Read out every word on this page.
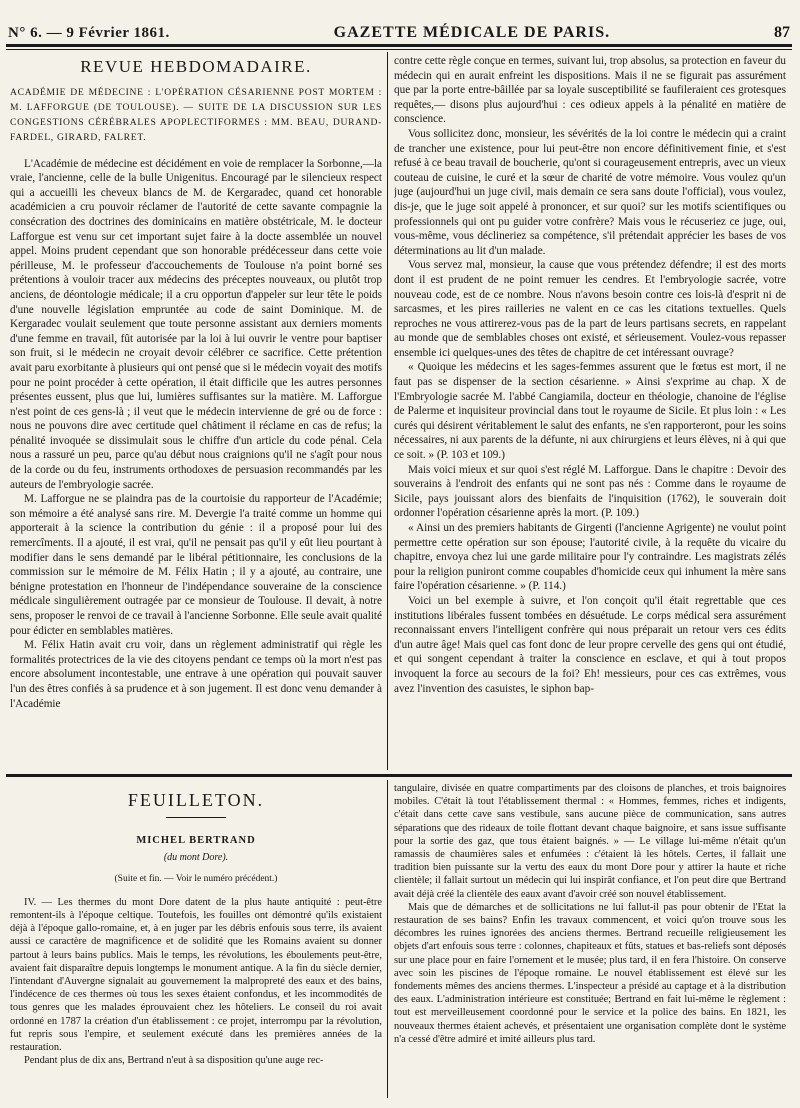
N° 6. — 9 Février 1861.	GAZETTE MÉDICALE DE PARIS.	87
REVUE HEBDOMADAIRE.
ACADÉMIE DE MÉDECINE : L'OPÉRATION CÉSARIENNE POST MORTEM : M. LAFFORGUE (DE TOULOUSE). — SUITE DE LA DISCUSSION SUR LES CONGESTIONS CÉRÉBRALES APOPLECTIFORMES : MM. BEAU, DURAND-FARDEL, GIRARD, FALRET.

L'Académie de médecine est décidément en voie de remplacer la Sorbonne,—la vraie, l'ancienne, celle de la bulle Unigenitus. Encouragé par le silencieux respect qui a accueilli les cheveux blancs de M. de Kergaradec, quand cet honorable académicien a cru pouvoir réclamer de l'autorité de cette savante compagnie la consécration des doctrines des dominicains en matière obstétricale, M. le docteur Lafforgue est venu sur cet important sujet faire à la docte assemblée un nouvel appel. Moins prudent cependant que son honorable prédécesseur dans cette voie périlleuse, M. le professeur d'accouchements de Toulouse n'a point borné ses prétentions à vouloir tracer aux médecins des préceptes nouveaux, ou plutôt trop anciens, de déontologie médicale; il a cru opportun d'appeler sur leur tête le poids d'une nouvelle législation empruntée au code de saint Dominique. M. de Kergaradec voulait seulement que toute personne assistant aux derniers moments d'une femme en travail, fût autorisée par la loi à lui ouvrir le ventre pour baptiser son fruit, si le médecin ne croyait devoir célébrer ce sacrifice. Cette prétention avait paru exorbitante à plusieurs qui ont pensé que si le médecin voyait des motifs pour ne point procéder à cette opération, il était difficile que les autres personnes présentes eussent, plus que lui, lumières suffisantes sur la matière. M. Lafforgue n'est point de ces gens-là ; il veut que le médecin intervienne de gré ou de force : nous ne pouvons dire avec certitude quel châtiment il réclame en cas de refus; la pénalité invoquée se dissimulait sous le chiffre d'un article du code pénal. Cela nous a rassuré un peu, parce qu'au début nous craignions qu'il ne s'agît pour nous de la corde ou du feu, instruments orthodoxes de persuasion recommandés par les auteurs de l'embryologie sacrée.

M. Lafforgue ne se plaindra pas de la courtoisie du rapporteur de l'Académie; son mémoire a été analysé sans rire. M. Devergie l'a traité comme un homme qui apporterait à la science la contribution du génie : il a proposé pour lui des remercîments. Il a ajouté, il est vrai, qu'il ne pensait pas qu'il y eût lieu pourtant à modifier dans le sens demandé par le libéral pétitionnaire, les conclusions de la commission sur le mémoire de M. Félix Hatin ; il y a ajouté, au contraire, une bénigne protestation en l'honneur de l'indépendance souveraine de la conscience médicale singulièrement outragée par ce monsieur de Toulouse. Il devait, à notre sens, proposer le renvoi de ce travail à l'ancienne Sorbonne. Elle seule avait qualité pour édicter en semblables matières.

M. Félix Hatin avait cru voir, dans un règlement administratif qui règle les formalités protectrices de la vie des citoyens pendant ce temps où la mort n'est pas encore absolument incontestable, une entrave à une opération qui pouvait sauver l'un des êtres confiés à sa prudence et à son jugement. Il est donc venu demander à l'Académie

contre cette règle conçue en termes, suivant lui, trop absolus, sa protection en faveur du médecin qui en aurait enfreint les dispositions. Mais il ne se figurait pas assurément que par la porte entre-bâillée par sa loyale susceptibilité se faufileraient ces grotesques requêtes,— disons plus aujourd'hui : ces odieux appels à la pénalité en matière de conscience.

Vous sollicitez donc, monsieur, les sévérités de la loi contre le médecin qui a craint de trancher une existence, pour lui peut-être non encore définitivement finie, et s'est refusé à ce beau travail de boucherie, qu'ont si courageusement entrepris, avec un vieux couteau de cuisine, le curé et la sœur de charité de votre mémoire. Vous voulez qu'un juge (aujourd'hui un juge civil, mais demain ce sera sans doute l'official), vous voulez, dis-je, que le juge soit appelé à prononcer, et sur quoi? sur les motifs scientifiques ou professionnels qui ont pu guider votre confrère? Mais vous le récuseriez ce juge, oui, vous-même, vous déclineriez sa compétence, s'il prétendait apprécier les bases de vos déterminations au lit d'un malade.

Vous servez mal, monsieur, la cause que vous prétendez défendre; il est des morts dont il est prudent de ne point remuer les cendres. Et l'embryologie sacrée, votre nouveau code, est de ce nombre. Nous n'avons besoin contre ces lois-là d'esprit ni de sarcasmes, et les pires railleries ne valent en ce cas les citations textuelles. Quels reproches ne vous attirerez-vous pas de la part de leurs partisans secrets, en rappelant au monde que de semblables choses ont existé, et sérieusement. Voulez-vous repasser ensemble ici quelques-unes des têtes de chapitre de cet intéressant ouvrage?

« Quoique les médecins et les sages-femmes assurent que le fœtus est mort, il ne faut pas se dispenser de la section césarienne. » Ainsi s'exprime au chap. X de l'Embryologie sacrée M. l'abbé Cangiamila, docteur en théologie, chanoine de l'église de Palerme et inquisiteur provincial dans tout le royaume de Sicile. Et plus loin : « Les curés qui désirent véritablement le salut des enfants, ne s'en rapporteront, pour les soins nécessaires, ni aux parents de la défunte, ni aux chirurgiens et leurs élèves, ni à qui que ce soit. » (P. 103 et 109.)

Mais voici mieux et sur quoi s'est réglé M. Lafforgue. Dans le chapitre : Devoir des souverains à l'endroit des enfants qui ne sont pas nés : Comme dans le royaume de Sicile, pays jouissant alors des bienfaits de l'inquisition (1762), le souverain doit ordonner l'opération césarienne après la mort. (P. 109.)

« Ainsi un des premiers habitants de Girgenti (l'ancienne Agrigente) ne voulut point permettre cette opération sur son épouse; l'autorité civile, à la requête du vicaire du chapitre, envoya chez lui une garde militaire pour l'y contraindre. Les magistrats zélés pour la religion puniront comme coupables d'homicide ceux qui inhument la mère sans faire l'opération césarienne. » (P. 114.)

Voici un bel exemple à suivre, et l'on conçoit qu'il était regrettable que ces institutions libérales fussent tombées en désuétude. Le corps médical sera assurément reconnaissant envers l'intelligent confrère qui nous préparait un retour vers ces édits d'un autre âge! Mais quel cas font donc de leur propre cervelle des gens qui ont étudié, et qui songent cependant à traiter la conscience en esclave, et qui à tout propos invoquent la force au secours de la foi? Eh! messieurs, pour ces cas extrêmes, vous avez l'invention des casuistes, le siphon bap-

FEUILLETON.
MICHEL BERTRAND
(du mont Dore).
(Suite et fin. — Voir le numéro précédent.)

IV. — Les thermes du mont Dore datent de la plus haute antiquité : peut-être remontent-ils à l'époque celtique. Toutefois, les fouilles ont démontré qu'ils existaient déjà à l'époque gallo-romaine, et, à en juger par les débris enfouis sous terre, ils avaient aussi ce caractère de magnificence et de solidité que les Romains avaient su donner partout à leurs bains publics. Mais le temps, les révolutions, les éboulements peut-être, avaient fait disparaître depuis longtemps le monument antique. A la fin du siècle dernier, l'intendant d'Auvergne signalait au gouvernement la malpropreté des eaux et des bains, l'indécence de ces thermes où tous les sexes étaient confondus, et les incommodités de tous genres que les malades éprouvaient chez les hôteliers. Le conseil du roi avait ordonné en 1787 la création d'un établissement : ce projet, interrompu par la révolution, fut repris sous l'empire, et seulement exécuté dans les premières années de la restauration.

Pendant plus de dix ans, Bertrand n'eut à sa disposition qu'une auge rec-

tangulaire, divisée en quatre compartiments par des cloisons de planches, et trois baignoires mobiles. C'était là tout l'établissement thermal : « Hommes, femmes, riches et indigents, c'était dans cette cave sans vestibule, sans aucune pièce de communication, sans autres séparations que des rideaux de toile flottant devant chaque baignoire, et sans issue suffisante pour la sortie des gaz, que tous étaient baignés. » — Le village lui-même n'était qu'un ramassis de chaumières sales et enfumées : c'étaient là les hôtels. Certes, il fallait une tradition bien puissante sur la vertu des eaux du mont Dore pour y attirer la haute et riche clientèle; il fallait surtout un médecin qui lui inspirât confiance, et l'on peut dire que Bertrand avait déjà créé la clientèle des eaux avant d'avoir créé son nouvel établissement.

Mais que de démarches et de sollicitations ne lui fallut-il pas pour obtenir de l'Etat la restauration de ses bains? Enfin les travaux commencent, et voici qu'on trouve sous les décombres les ruines ignorées des anciens thermes. Bertrand recueille religieusement les objets d'art enfouis sous terre : colonnes, chapiteaux et fûts, statues et bas-reliefs sont déposés sur une place pour en faire l'ornement et le musée; plus tard, il en fera l'histoire. On conserve avec soin les piscines de l'époque romaine. Le nouvel établissement est élevé sur les fondements mêmes des anciens thermes. L'inspecteur a présidé au captage et à la distribution des eaux. L'administration intérieure est constituée; Bertrand en fait lui-même le règlement : tout est merveilleusement coordonné pour le service et la police des bains. En 1821, les nouveaux thermes étaient achevés, et présentaient une organisation complète dont le système n'a cessé d'être admiré et imité ailleurs plus tard.
